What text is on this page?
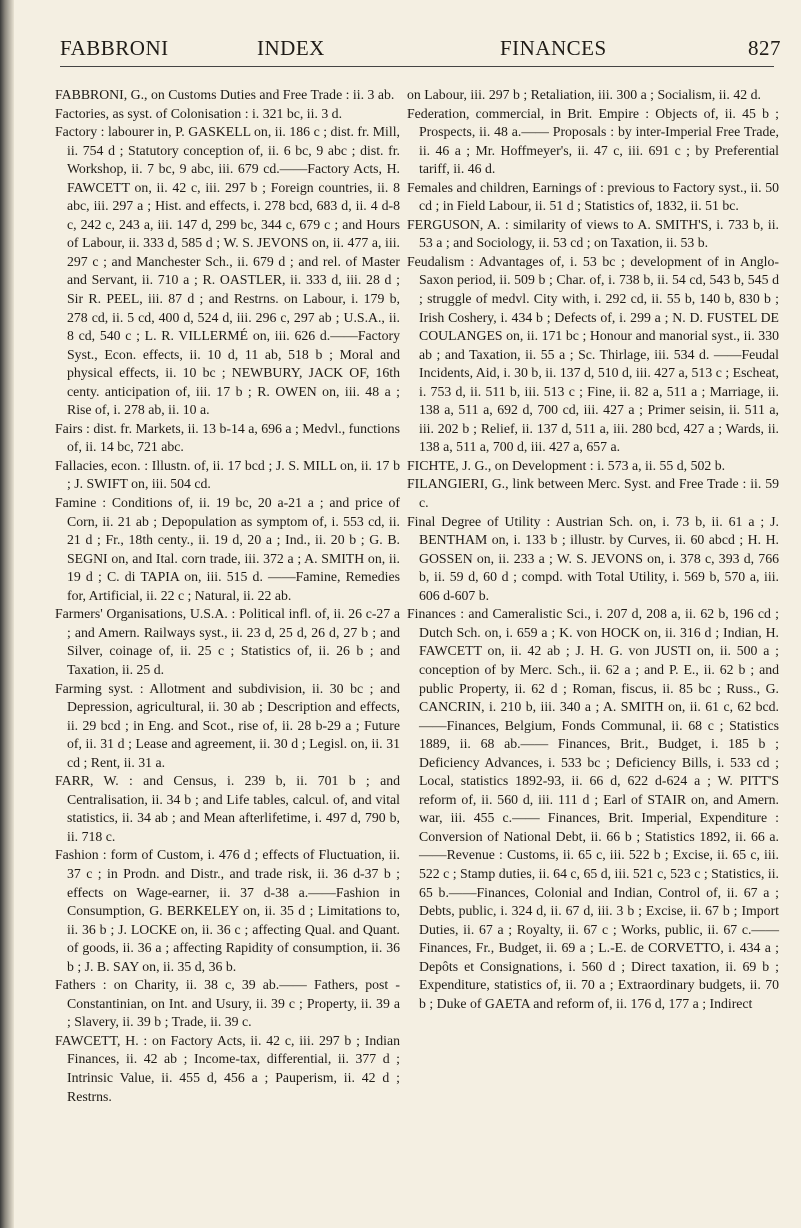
FABBRONI	INDEX	FINANCES	827

FABBRONI, G., on Customs Duties and Free Trade : ii. 3 ab.

Factories, as syst. of Colonisation : i. 321 bc, ii. 3 d.

Factory : labourer in, P. GASKELL on, ii. 186 c ; dist. fr. Mill, ii. 754 d ; Statutory conception of, ii. 6 bc, 9 abc ; dist. fr. Workshop, ii. 7 bc, 9 abc, iii. 679 cd.——Factory Acts, H. FAWCETT on, ii. 42 c, iii. 297 b ; Foreign countries, ii. 8 abc, iii. 297 a ; Hist. and effects, i. 278 bcd, 683 d, ii. 4 d-8 c, 242 c, 243 a, iii. 147 d, 299 bc, 344 c, 679 c ; and Hours of Labour, ii. 333 d, 585 d ; W. S. JEVONS on, ii. 477 a, iii. 297 c ; and Manchester Sch., ii. 679 d ; and rel. of Master and Servant, ii. 710 a ; R. OASTLER, ii. 333 d, iii. 28 d ; Sir R. PEEL, iii. 87 d ; and Restrns. on Labour, i. 179 b, 278 cd, ii. 5 cd, 400 d, 524 d, iii. 296 c, 297 ab ; U.S.A., ii. 8 cd, 540 c ; L. R. VILLERMÉ on, iii. 626 d.——Factory Syst., Econ. effects, ii. 10 d, 11 ab, 518 b ; Moral and physical effects, ii. 10 bc ; NEWBURY, JACK OF, 16th centy. anticipation of, iii. 17 b ; R. OWEN on, iii. 48 a ; Rise of, i. 278 ab, ii. 10 a.

Fairs : dist. fr. Markets, ii. 13 b-14 a, 696 a ; Medvl., functions of, ii. 14 bc, 721 abc.

Fallacies, econ. : Illustn. of, ii. 17 bcd ; J. S. MILL on, ii. 17 b ; J. SWIFT on, iii. 504 cd.

Famine : Conditions of, ii. 19 bc, 20 a-21 a ; and price of Corn, ii. 21 ab ; Depopulation as symptom of, i. 553 cd, ii. 21 d ; Fr., 18th centy., ii. 19 d, 20 a ; Ind., ii. 20 b ; G. B. SEGNI on, and Ital. corn trade, iii. 372 a ; A. SMITH on, ii. 19 d ; C. di TAPIA on, iii. 515 d. ——Famine, Remedies for, Artificial, ii. 22 c ; Natural, ii. 22 ab.

Farmers' Organisations, U.S.A. : Political infl. of, ii. 26 c-27 a ; and Amern. Railways syst., ii. 23 d, 25 d, 26 d, 27 b ; and Silver, coinage of, ii. 25 c ; Statistics of, ii. 26 b ; and Taxation, ii. 25 d.

Farming syst. : Allotment and subdivision, ii. 30 bc ; and Depression, agricultural, ii. 30 ab ; Description and effects, ii. 29 bcd ; in Eng. and Scot., rise of, ii. 28 b-29 a ; Future of, ii. 31 d ; Lease and agreement, ii. 30 d ; Legisl. on, ii. 31 cd ; Rent, ii. 31 a.

FARR, W. : and Census, i. 239 b, ii. 701 b ; and Centralisation, ii. 34 b ; and Life tables, calcul. of, and vital statistics, ii. 34 ab ; and Mean afterlifetime, i. 497 d, 790 b, ii. 718 c.

Fashion : form of Custom, i. 476 d ; effects of Fluctuation, ii. 37 c ; in Prodn. and Distr., and trade risk, ii. 36 d-37 b ; effects on Wage-earner, ii. 37 d-38 a.——Fashion in Consumption, G. BERKELEY on, ii. 35 d ; Limitations to, ii. 36 b ; J. LOCKE on, ii. 36 c ; affecting Qual. and Quant. of goods, ii. 36 a ; affecting Rapidity of consumption, ii. 36 b ; J. B. SAY on, ii. 35 d, 36 b.

Fathers : on Charity, ii. 38 c, 39 ab.—— Fathers, post - Constantinian, on Int. and Usury, ii. 39 c ; Property, ii. 39 a ; Slavery, ii. 39 b ; Trade, ii. 39 c.

FAWCETT, H. : on Factory Acts, ii. 42 c, iii. 297 b ; Indian Finances, ii. 42 ab ; Income-tax, differential, ii. 377 d ; Intrinsic Value, ii. 455 d, 456 a ; Pauperism, ii. 42 d ; Restrns.

on Labour, iii. 297 b ; Retaliation, iii. 300 a ; Socialism, ii. 42 d.

Federation, commercial, in Brit. Empire : Objects of, ii. 45 b ; Prospects, ii. 48 a.—— Proposals : by inter-Imperial Free Trade, ii. 46 a ; Mr. Hoffmeyer's, ii. 47 c, iii. 691 c ; by Preferential tariff, ii. 46 d.

Females and children, Earnings of : previous to Factory syst., ii. 50 cd ; in Field Labour, ii. 51 d ; Statistics of, 1832, ii. 51 bc.

FERGUSON, A. : similarity of views to A. SMITH'S, i. 733 b, ii. 53 a ; and Sociology, ii. 53 cd ; on Taxation, ii. 53 b.

Feudalism : Advantages of, i. 53 bc ; development of in Anglo-Saxon period, ii. 509 b ; Char. of, i. 738 b, ii. 54 cd, 543 b, 545 d ; struggle of medvl. City with, i. 292 cd, ii. 55 b, 140 b, 830 b ; Irish Coshery, i. 434 b ; Defects of, i. 299 a ; N. D. FUSTEL DE COULANGES on, ii. 171 bc ; Honour and manorial syst., ii. 330 ab ; and Taxation, ii. 55 a ; Sc. Thirlage, iii. 534 d. ——Feudal Incidents, Aid, i. 30 b, ii. 137 d, 510 d, iii. 427 a, 513 c ; Escheat, i. 753 d, ii. 511 b, iii. 513 c ; Fine, ii. 82 a, 511 a ; Marriage, ii. 138 a, 511 a, 692 d, 700 cd, iii. 427 a ; Primer seisin, ii. 511 a, iii. 202 b ; Relief, ii. 137 d, 511 a, iii. 280 bcd, 427 a ; Wards, ii. 138 a, 511 a, 700 d, iii. 427 a, 657 a.

FICHTE, J. G., on Development : i. 573 a, ii. 55 d, 502 b.

FILANGIERI, G., link between Merc. Syst. and Free Trade : ii. 59 c.

Final Degree of Utility : Austrian Sch. on, i. 73 b, ii. 61 a ; J. BENTHAM on, i. 133 b ; illustr. by Curves, ii. 60 abcd ; H. H. GOSSEN on, ii. 233 a ; W. S. JEVONS on, i. 378 c, 393 d, 766 b, ii. 59 d, 60 d ; compd. with Total Utility, i. 569 b, 570 a, iii. 606 d-607 b.

Finances : and Cameralistic Sci., i. 207 d, 208 a, ii. 62 b, 196 cd ; Dutch Sch. on, i. 659 a ; K. von HOCK on, ii. 316 d ; Indian, H. FAWCETT on, ii. 42 ab ; J. H. G. von JUSTI on, ii. 500 a ; conception of by Merc. Sch., ii. 62 a ; and P. E., ii. 62 b ; and public Property, ii. 62 d ; Roman, fiscus, ii. 85 bc ; Russ., G. CANCRIN, i. 210 b, iii. 340 a ; A. SMITH on, ii. 61 c, 62 bcd.——Finances, Belgium, Fonds Communal, ii. 68 c ; Statistics 1889, ii. 68 ab.—— Finances, Brit., Budget, i. 185 b ; Deficiency Advances, i. 533 bc ; Deficiency Bills, i. 533 cd ; Local, statistics 1892-93, ii. 66 d, 622 d-624 a ; W. PITT'S reform of, ii. 560 d, iii. 111 d ; Earl of STAIR on, and Amern. war, iii. 455 c.—— Finances, Brit. Imperial, Expenditure : Conversion of National Debt, ii. 66 b ; Statistics 1892, ii. 66 a.——Revenue : Customs, ii. 65 c, iii. 522 b ; Excise, ii. 65 c, iii. 522 c ; Stamp duties, ii. 64 c, 65 d, iii. 521 c, 523 c ; Statistics, ii. 65 b.——Finances, Colonial and Indian, Control of, ii. 67 a ; Debts, public, i. 324 d, ii. 67 d, iii. 3 b ; Excise, ii. 67 b ; Import Duties, ii. 67 a ; Royalty, ii. 67 c ; Works, public, ii. 67 c.——Finances, Fr., Budget, ii. 69 a ; L.-E. de CORVETTO, i. 434 a ; Depôts et Consignations, i. 560 d ; Direct taxation, ii. 69 b ; Expenditure, statistics of, ii. 70 a ; Extraordinary budgets, ii. 70 b ; Duke of GAETA and reform of, ii. 176 d, 177 a ; Indirect
